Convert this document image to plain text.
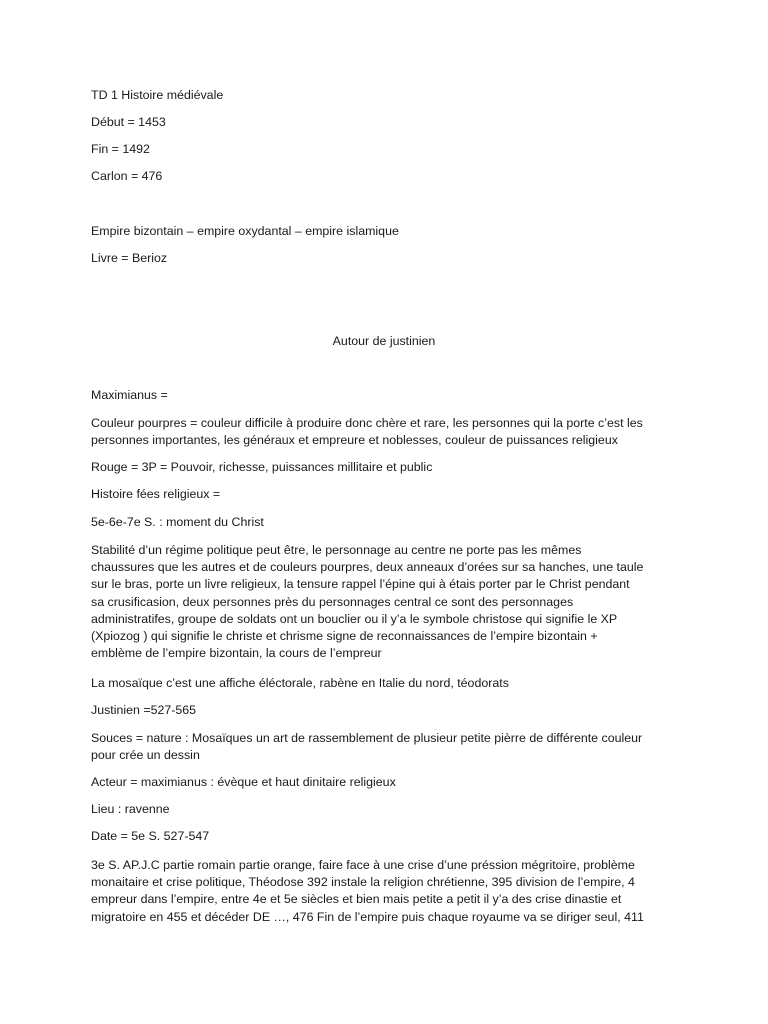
TD 1 Histoire médiévale

Début = 1453

Fin = 1492

Carlon = 476

Empire bizontain – empire oxydantal – empire islamique

Livre = Berioz

Autour de justinien

Maximianus =

Couleur pourpres = couleur difficile à produire donc chère et rare, les personnes qui la porte c’est les
personnes importantes, les généraux et empreure et noblesses, couleur de puissances religieux

Rouge = 3P = Pouvoir, richesse, puissances millitaire et public

Histoire fées religieux =

5e-6e-7e S. : moment du Christ

Stabilité d’un régime politique peut être, le personnage au centre ne porte pas les mêmes
chaussures que les autres et de couleurs pourpres, deux anneaux d’orées sur sa hanches, une taule
sur le bras, porte un livre religieux, la tensure rappel l’épine qui à étais porter par le Christ pendant
sa crusificasion, deux personnes près du personnages central ce sont des personnages
administratifes, groupe de soldats ont un bouclier ou il y’a le symbole christose qui signifie le XP
(Xpiozog ) qui signifie le christe et chrisme signe de reconnaissances de l’empire bizontain +
emblème de l’empire bizontain, la cours de l’empreur

La mosaïque c’est une affiche éléctorale, rabène en Italie du nord, téodorats

Justinien =527-565

Souces = nature : Mosaïques un art de rassemblement de plusieur petite pièrre de différente couleur
pour crée un dessin

Acteur = maximianus : évèque et haut dinitaire religieux

Lieu : ravenne

Date = 5e S. 527-547

3e S. AP.J.C partie romain partie orange, faire face à une crise d’une préssion mégritoire, problème
monaitaire et crise politique, Théodose 392 instale la religion chrétienne, 395 division de l’empire, 4
empreur dans l’empire, entre 4e et 5e siècles et bien mais petite a petit il y’a des crise dinastie et
migratoire en 455 et décéder DE …, 476 Fin de l’empire puis chaque royaume va se diriger seul, 411
